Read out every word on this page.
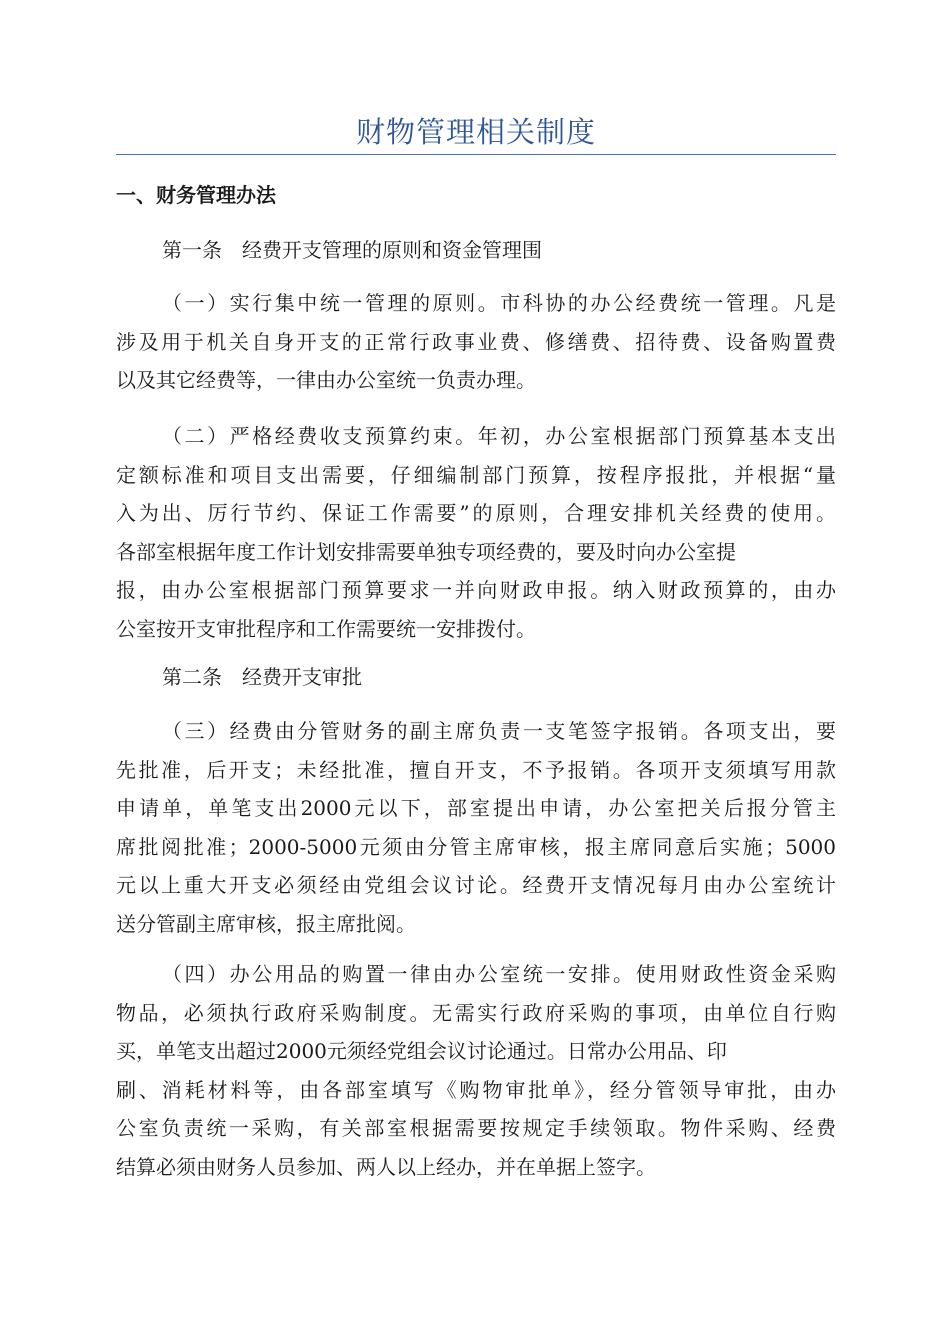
财物管理相关制度
一、财务管理办法
第一条　经费开支管理的原则和资金管理围
（一）实行集中统一管理的原则。市科协的办公经费统一管理。凡是
涉及用于机关自身开支的正常行政事业费、修缮费、招待费、设备购置费
以及其它经费等，一律由办公室统一负责办理。
（二）严格经费收支预算约束。年初，办公室根据部门预算基本支出
定额标准和项目支出需要，仔细编制部门预算，按程序报批，并根据“量
入为出、厉行节约、保证工作需要”的原则，合理安排机关经费的使用。
各部室根据年度工作计划安排需要单独专项经费的，要及时向办公室提
报，由办公室根据部门预算要求一并向财政申报。纳入财政预算的，由办
公室按开支审批程序和工作需要统一安排拨付。
第二条　经费开支审批
（三）经费由分管财务的副主席负责一支笔签字报销。各项支出，要
先批准，后开支；未经批准，擅自开支，不予报销。各项开支须填写用款
申请单，单笔支出2000元以下，部室提出申请，办公室把关后报分管主
席批阅批准；2000-5000元须由分管主席审核，报主席同意后实施；5000
元以上重大开支必须经由党组会议讨论。经费开支情况每月由办公室统计
送分管副主席审核，报主席批阅。
（四）办公用品的购置一律由办公室统一安排。使用财政性资金采购
物品，必须执行政府采购制度。无需实行政府采购的事项，由单位自行购
买，单笔支出超过2000元须经党组会议讨论通过。日常办公用品、印
刷、消耗材料等，由各部室填写《购物审批单》，经分管领导审批，由办
公室负责统一采购，有关部室根据需要按规定手续领取。物件采购、经费
结算必须由财务人员参加、两人以上经办，并在单据上签字。
